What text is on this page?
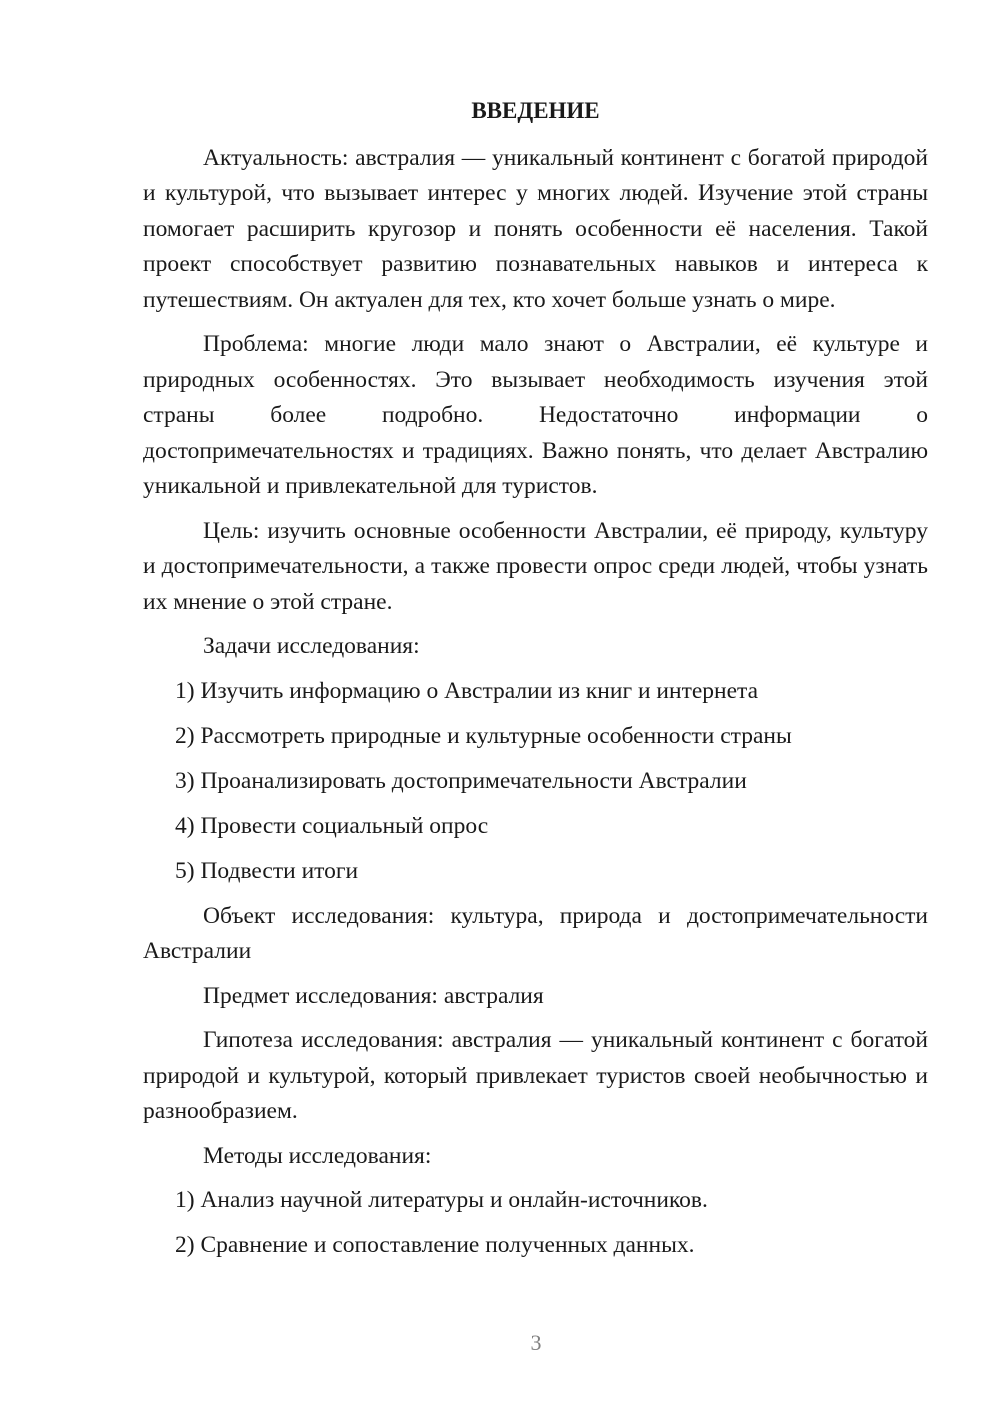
ВВЕДЕНИЕ

Актуальность: австралия — уникальный континент с богатой природой и культурой, что вызывает интерес у многих людей. Изучение этой страны помогает расширить кругозор и понять особенности её населения. Такой проект способствует развитию познавательных навыков и интереса к путешествиям. Он актуален для тех, кто хочет больше узнать о мире.

Проблема: многие люди мало знают о Австралии, её культуре и природных особенностях. Это вызывает необходимость изучения этой страны более подробно. Недостаточно информации о достопримечательностях и традициях. Важно понять, что делает Австралию уникальной и привлекательной для туристов.

Цель: изучить основные особенности Австралии, её природу, культуру и достопримечательности, а также провести опрос среди людей, чтобы узнать их мнение о этой стране.

Задачи исследования:

1) Изучить информацию о Австралии из книг и интернета
2) Рассмотреть природные и культурные особенности страны
3) Проанализировать достопримечательности Австралии
4) Провести социальный опрос
5) Подвести итоги

Объект исследования: культура, природа и достопримечательности Австралии

Предмет исследования: австралия

Гипотеза исследования: австралия — уникальный континент с богатой природой и культурой, который привлекает туристов своей необычностью и разнообразием.

Методы исследования:

1) Анализ научной литературы и онлайн-источников.
2) Сравнение и сопоставление полученных данных.
3
